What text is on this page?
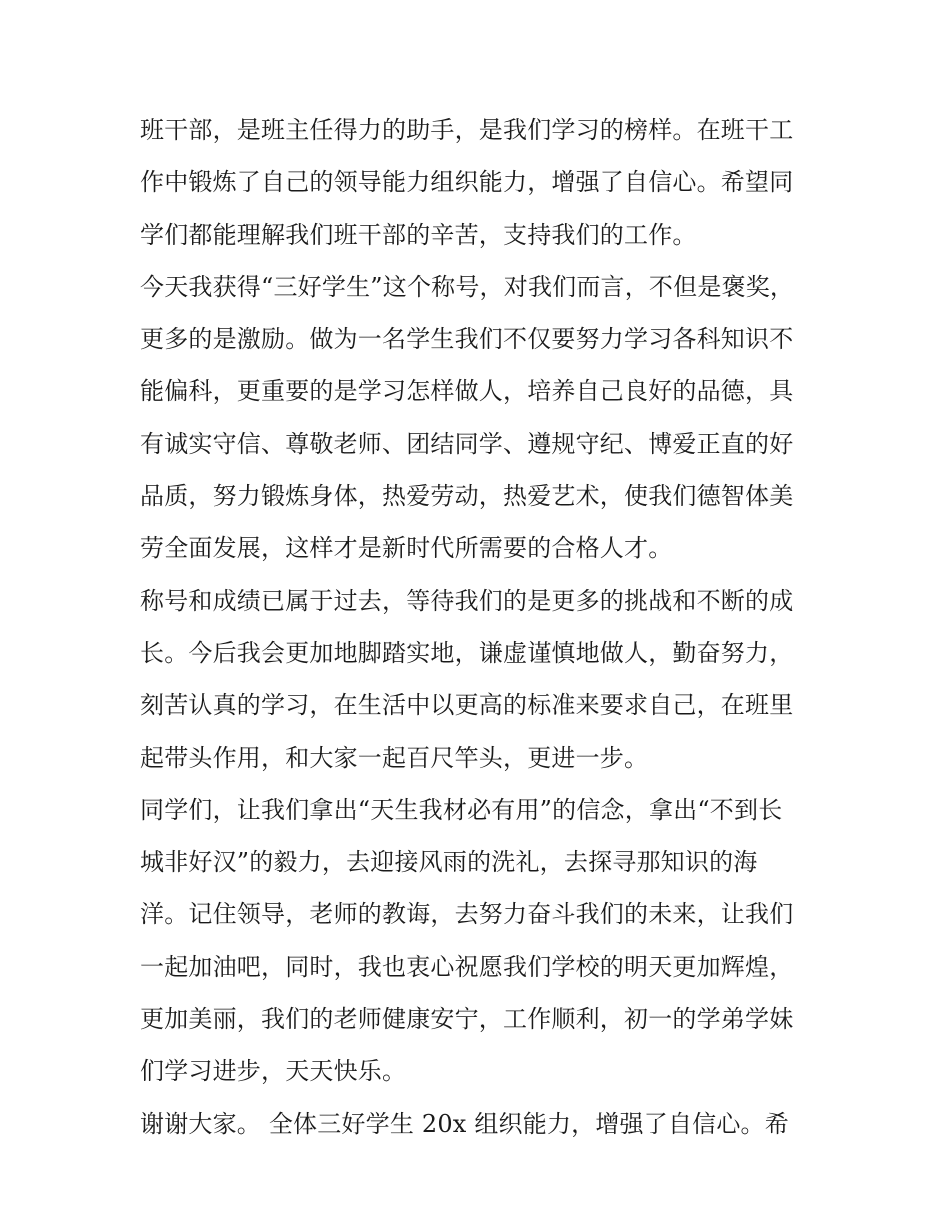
班干部，是班主任得力的助手，是我们学习的榜样。在班干工
作中锻炼了自己的领导能力组织能力，增强了自信心。希望同
学们都能理解我们班干部的辛苦，支持我们的工作。
今天我获得“三好学生”这个称号，对我们而言，不但是褒奖，
更多的是激励。做为一名学生我们不仅要努力学习各科知识不
能偏科，更重要的是学习怎样做人，培养自己良好的品德，具
有诚实守信、尊敬老师、团结同学、遵规守纪、博爱正直的好
品质，努力锻炼身体，热爱劳动，热爱艺术，使我们德智体美
劳全面发展，这样才是新时代所需要的合格人才。
称号和成绩已属于过去，等待我们的是更多的挑战和不断的成
长。今后我会更加地脚踏实地，谦虚谨慎地做人，勤奋努力，
刻苦认真的学习，在生活中以更高的标准来要求自己，在班里
起带头作用，和大家一起百尺竿头，更进一步。
同学们，让我们拿出“天生我材必有用”的信念，拿出“不到长
城非好汉”的毅力，去迎接风雨的洗礼，去探寻那知识的海
洋。记住领导，老师的教诲，去努力奋斗我们的未来，让我们
一起加油吧，同时，我也衷心祝愿我们学校的明天更加辉煌，
更加美丽，我们的老师健康安宁，工作顺利，初一的学弟学妹
们学习进步，天天快乐。
谢谢大家。 全体三好学生 20x 组织能力，增强了自信心。希
